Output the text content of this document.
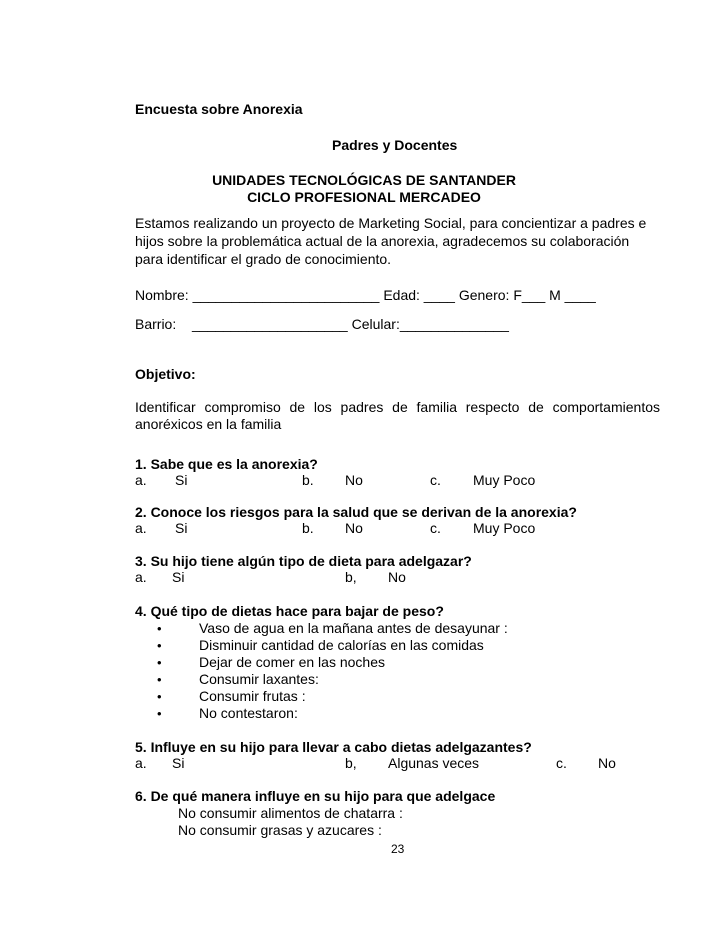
Encuesta sobre Anorexia
Padres y Docentes
UNIDADES TECNOLÓGICAS DE SANTANDER
CICLO PROFESIONAL MERCADEO
Estamos realizando un proyecto de Marketing Social, para concientizar a padres e
hijos sobre la problemática actual de la anorexia, agradecemos su colaboración
para identificar el grado de conocimiento.
Nombre: ________________________ Edad: ____ Genero: F___ M ____
Barrio: ____________________ Celular:______________
Objetivo:
Identificar compromiso de los padres de familia respecto de comportamientos
anoréxicos en la familia
1. Sabe que es la anorexia?
a. Si	b. No	c. Muy Poco
2. Conoce los riesgos para la salud que se derivan de la anorexia?
a. Si	b. No	c. Muy Poco
3. Su hijo tiene algún tipo de dieta para adelgazar?
a. Si	b, No
4. Qué tipo de dietas hace para bajar de peso?
•	Vaso de agua en la mañana antes de desayunar :
•	Disminuir cantidad de calorías en las comidas
•	Dejar de comer en las noches
•	Consumir laxantes:
•	Consumir frutas :
•	No contestaron:
5. Influye en su hijo para llevar a cabo dietas adelgazantes?
a. Si	b, Algunas veces	c. No
6. De qué manera influye en su hijo para que adelgace
No consumir alimentos de chatarra :
No consumir grasas y azucares :
23
